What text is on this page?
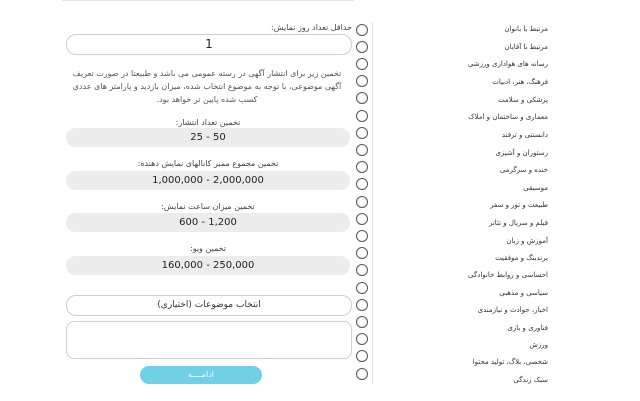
حداقل تعداد روز نمایش:
1
تخمین زیر برای انتشار آگهی در رسته عمومی می باشد و طبیعتا در صورت تعریف آگهی موضوعی، با توجه به موضوع انتخاب شده، میزان بازدید و پارامتر های عددی کسب شده پایین تر خواهد بود.
تخمین تعداد انتشار:
25 - 50
تخمین مجموع ممبر کانالهای نمایش دهنده:
1,000,000 - 2,000,000
تخمین میزان ساعت نمایش:
600 - 1,200
تخمین ویو:
160,000 - 250,000
انتخاب موضوعات (اختیاری)
ادامــــه
مرتبط با بانوان
مرتبط با آقایان
رسانه های هواداری ورزشی
فرهنگ، هنر، ادبیات
پزشکی و سلامت
معماری و ساختمان و املاک
دانستنی و ترفند
رستوران و آشپزی
خنده و سرگرمی
موسیقی
طبیعت و تور و سفر
فیلم و سریال و تئاتر
آموزش و زبان
برندینگ و موفقیت
احساسی و روابط خانوادگی
سیاسی و مذهبی
اخبار، حوادث و نیازمندی
فناوری و بازی
ورزش
شخصی، بلاگ، تولید محتوا
سبک زندگی
